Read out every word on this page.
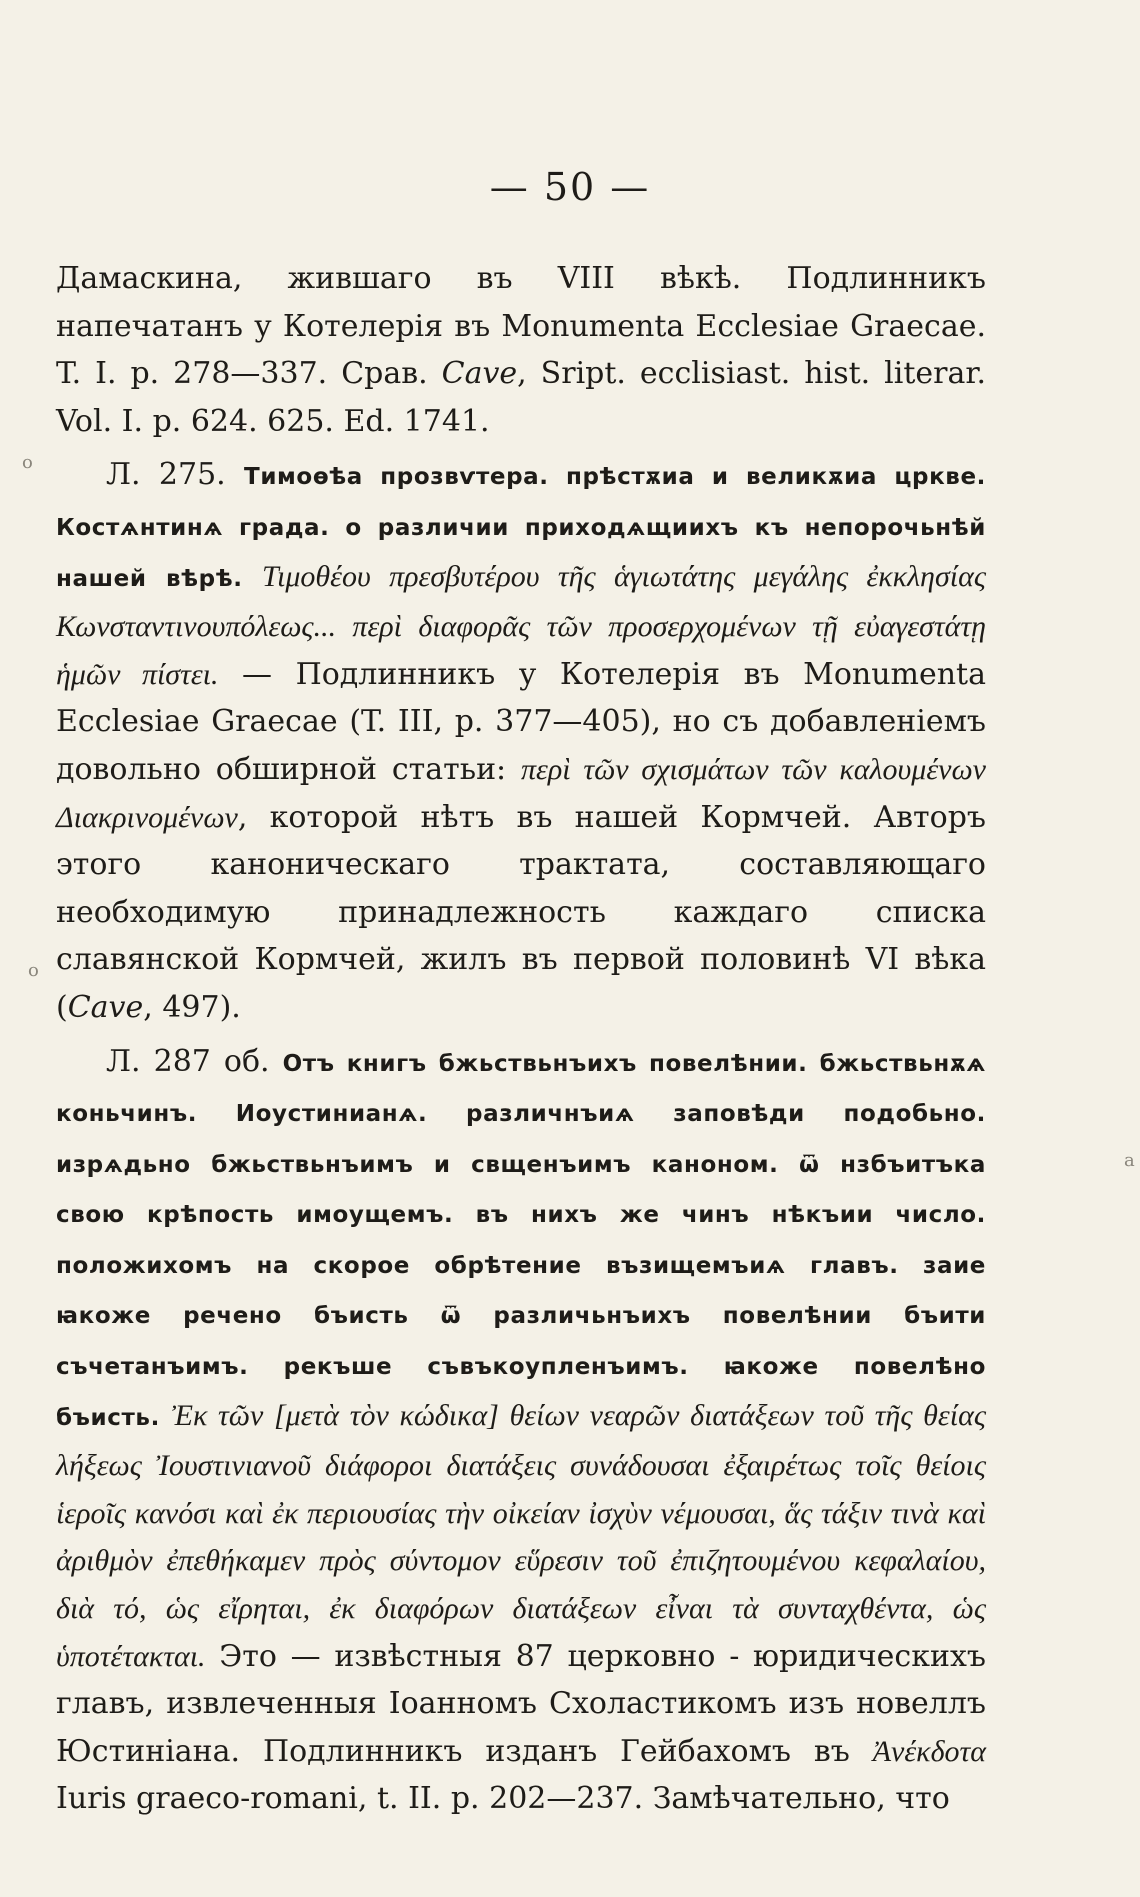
— 50 —

Дамаскина, жившаго въ VIII вѣкѣ. Подлинникъ напечатанъ у Котелерія въ Monumenta Ecclesiae Graecae. T. I. p. 278—337. Срав. Cave, Sript. ecclisiast. hist. literar. Vol. I. p. 624. 625. Ed. 1741.

Л. 275. Тимоѳѣа прозвѵтера. прѣстѫиа и великѫиа цркве. Костѧнтинѧ града. о различии приходѧщиихъ къ непорочьнѣй нашей вѣрѣ. Τιμοθέου πρεσβυτέρου τῆς ἁγιωτάτης μεγάλης ἐκκλησίας Κωνσταντινουπόλεως... περὶ διαφορᾶς τῶν προσερχομένων τῇ εὐαγεστάτῃ ἡμῶν πίστει. — Подлинникъ у Котелерія въ Monumenta Ecclesiae Graecae (T. III, p. 377—405), но съ добавленіемъ довольно обширной статьи: περὶ τῶν σχισμάτων τῶν καλουμένων Διακρινομένων, которой нѣтъ въ нашей Кормчей. Авторъ этого каноническаго трактата, составляющаго необходимую принадлежность каждаго списка славянской Кормчей, жилъ въ первой половинѣ VI вѣка (Cave, 497).

Л. 287 об. Отъ книгъ бжьствьнъихъ повелѣнии. бжьствьнѫѧ коньчинъ. Иоустинианѧ. различнъиѧ заповѣди подобьно. изрѧдьно бжьствьнъимъ и свщенъимъ каноном. ѿ нзбъитъка свою крѣпость имоущемъ. въ нихъ же чинъ нѣкъии число. положихомъ на скорое обрѣтение възищемъиѧ главъ. заие ꙗкоже речено бъисть ѿ различьнъихъ повелѣнии бъити съчетанъимъ. рекъше съвъкоупленъимъ. ꙗкоже повелѣно бъисть. Ἐκ τῶν [μετὰ τὸν κώδικα] θείων νεαρῶν διατάξεων τοῦ τῆς θείας λήξεως Ἰουστινιανοῦ διάφοροι διατάξεις συνάδουσαι ἐξαιρέτως τοῖς θείοις ἱεροῖς κανόσι καὶ ἐκ περιουσίας τὴν οἰκείαν ἰσχὺν νέμουσαι, ἅς τάξιν τινὰ καὶ ἀριθμὸν ἐπεθήκαμεν πρὸς σύντομον εὕρεσιν τοῦ ἐπιζητουμένου κεφαλαίου, διὰ τό, ὡς εἴρηται, ἐκ διαφόρων διατάξεων εἶναι τὰ συνταχθέντα, ὡς ὑποτέτακται. Это — извѣстныя 87 церковно - юридическихъ главъ, извлеченныя Іоанномъ Схоластикомъ изъ новеллъ Юстиніана. Подлинникъ изданъ Гейбахомъ въ Ἀνέκδοτα Iuris graeco-romani, t. II. p. 202—237. Замѣчательно, что

о
о
а
